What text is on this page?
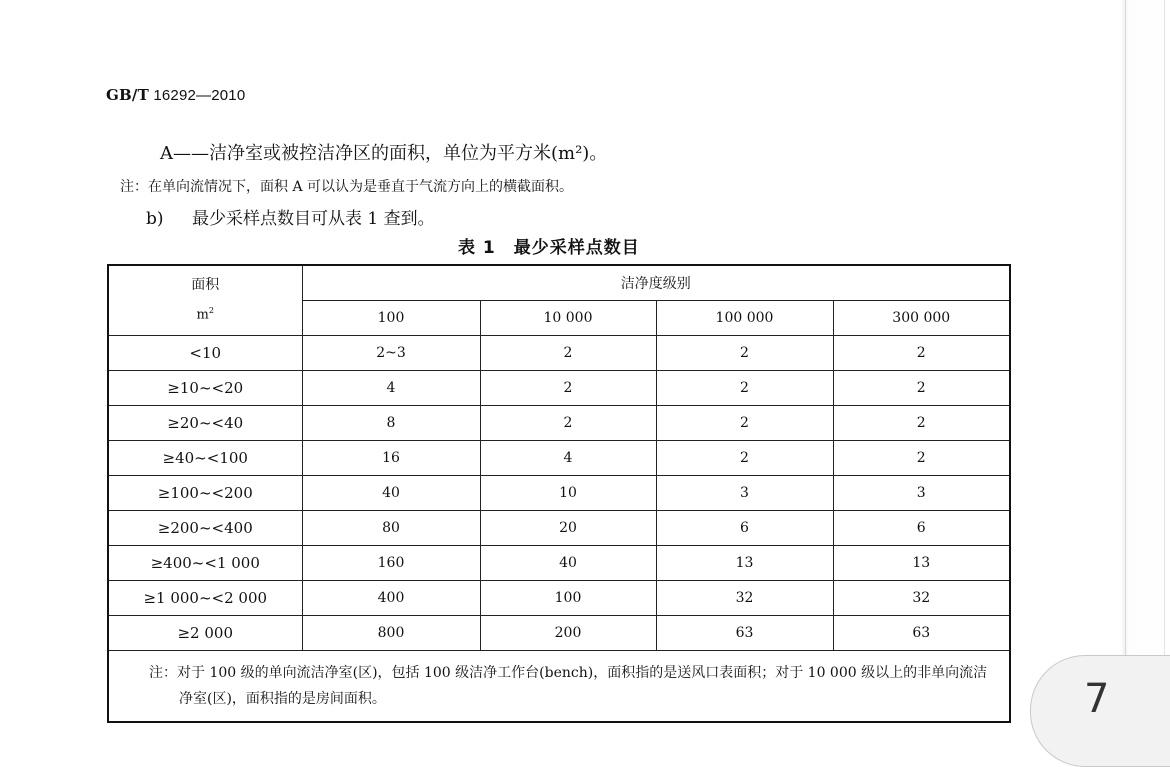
GB/T 16292—2010
A——洁净室或被控洁净区的面积，单位为平方米(m²)。
注：在单向流情况下，面积 A 可以认为是垂直于气流方向上的横截面积。
b) 最少采样点数目可从表 1 查到。
表 1　最少采样点数目
面积
$m^2$	洁净度级别			
	100	10 000	100 000	300 000
<10	2~3	2	2	2
≥10~<20	4	2	2	2
≥20~<40	8	2	2	2
≥40~<100	16	4	2	2
≥100~<200	40	10	3	3
≥200~<400	80	20	6	6
≥400~<1 000	160	40	13	13
≥1 000~<2 000	400	100	32	32
≥2 000	800	200	63	63

注：对于 100 级的单向流洁净室(区)，包括 100 级洁净工作台(bench)，面积指的是送风口表面积；对于 10 000 级以上的非单向流洁净室(区)，面积指的是房间面积。					7
